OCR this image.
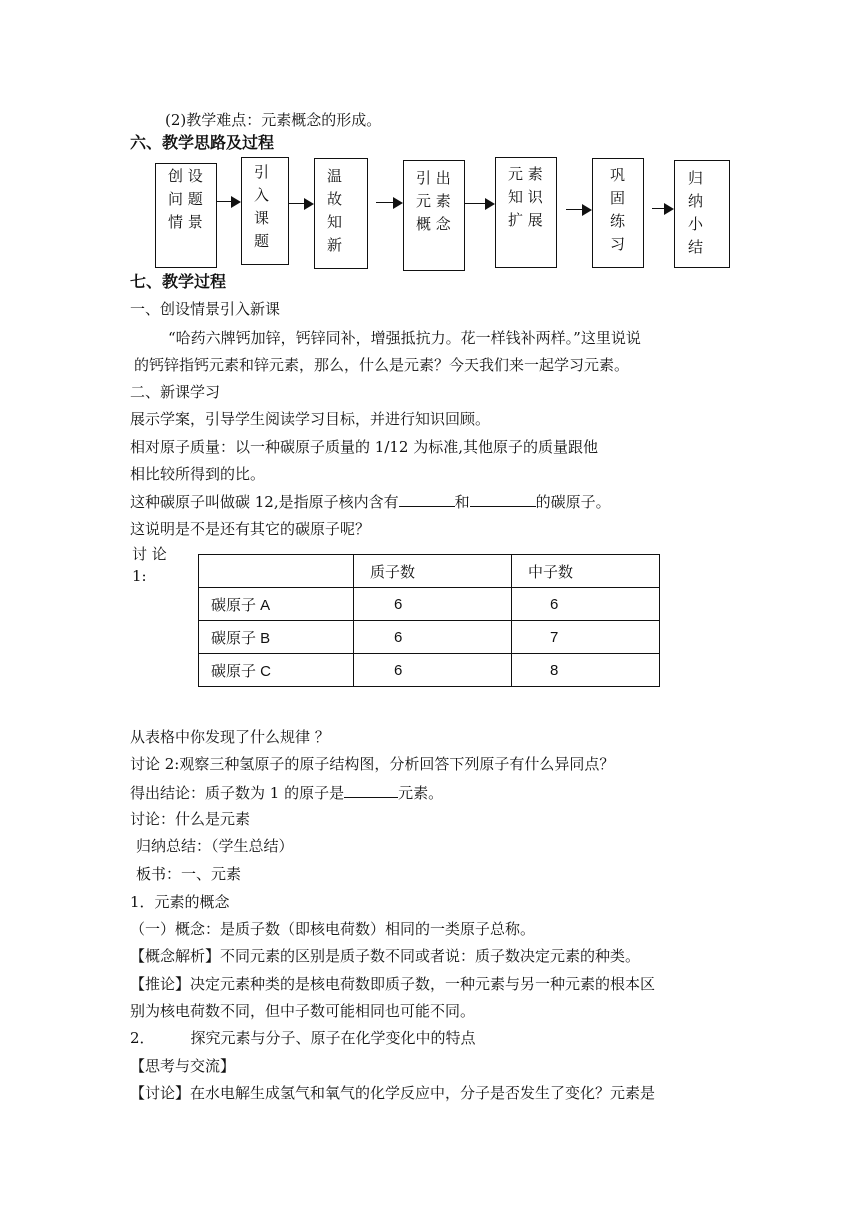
(2)教学难点：元素概念的形成。
六、教学思路及过程
创 设
问 题
情 景
引
入
课
题
温
故
知
新
引 出
元 素
概 念
元 素
知 识
扩 展
巩
固
练
习
归
纳
小
结
七、教学过程
一、创设情景引入新课
“哈药六牌钙加锌，钙锌同补，增强抵抗力。花一样钱补两样。”这里说说
的钙锌指钙元素和锌元素，那么，什么是元素？今天我们来一起学习元素。
二、新课学习
展示学案，引导学生阅读学习目标，并进行知识回顾。
相对原子质量：以一种碳原子质量的 1/12 为标准,其他原子的质量跟他
相比较所得到的比。
这种碳原子叫做碳 12,是指原子核内含有	和	的碳原子。
这说明是不是还有其它的碳原子呢？
讨 论
1:
		质子数	中子数
碳原子 A	6	6
碳原子 B	6	7
碳原子 C	6	8
从表格中你发现了什么规律 ？
讨论 2:观察三种氢原子的原子结构图，分析回答下列原子有什么异同点？
得出结论：质子数为 1 的原子是	元素。
讨论：什么是元素
归纳总结：（学生总结）
板书：一、元素
1．元素的概念
（一）概念：是质子数（即核电荷数）相同的一类原子总称。
【概念解析】不同元素的区别是质子数不同或者说：质子数决定元素的种类。
【推论】决定元素种类的是核电荷数即质子数，一种元素与另一种元素的根本区
别为核电荷数不同，但中子数可能相同也可能不同。
2． 探究元素与分子、原子在化学变化中的特点
【思考与交流】
【讨论】在水电解生成氢气和氧气的化学反应中，分子是否发生了变化？元素是
